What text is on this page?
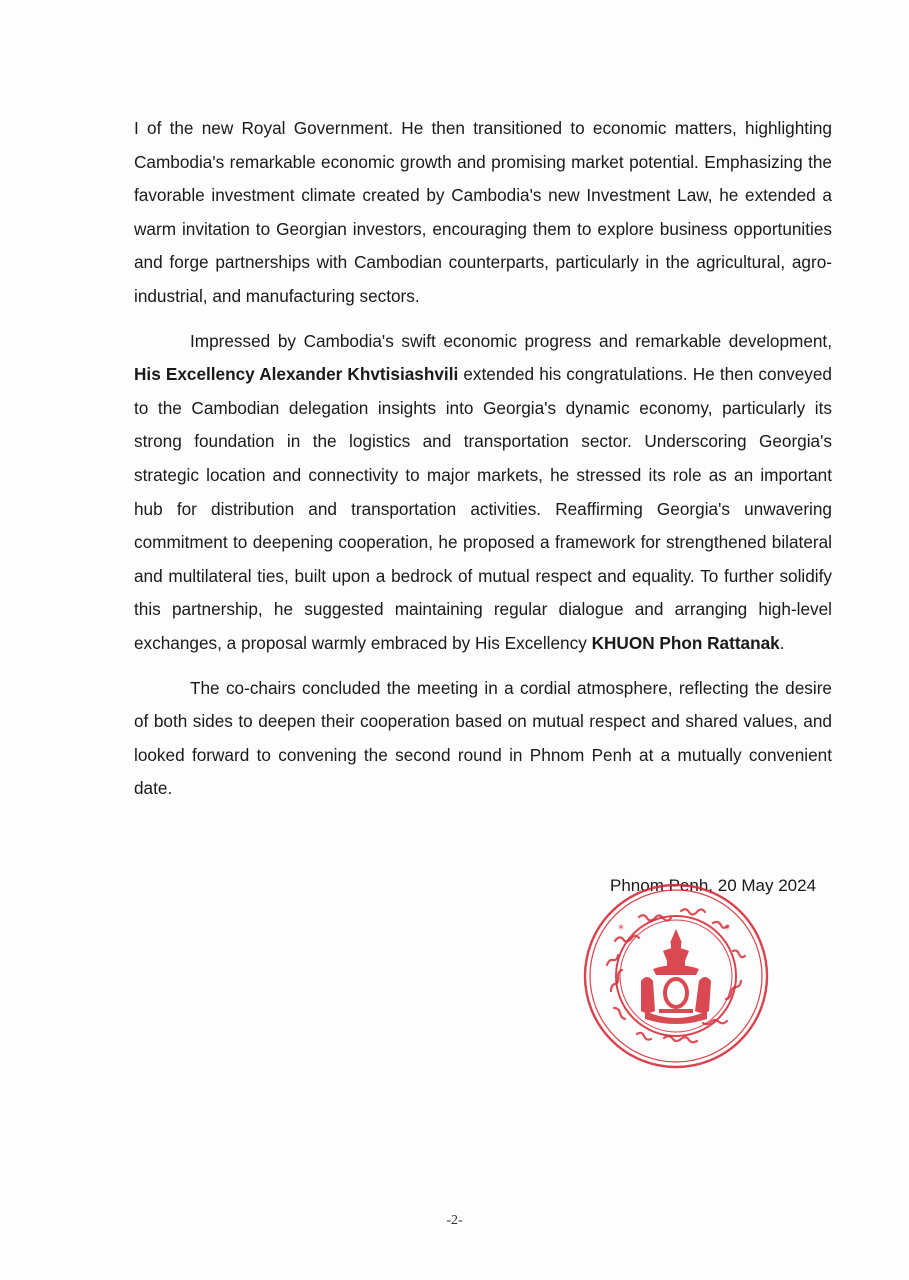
I of the new Royal Government. He then transitioned to economic matters, highlighting Cambodia's remarkable economic growth and promising market potential. Emphasizing the favorable investment climate created by Cambodia's new Investment Law, he extended a warm invitation to Georgian investors, encouraging them to explore business opportunities and forge partnerships with Cambodian counterparts, particularly in the agricultural, agro-industrial, and manufacturing sectors.

Impressed by Cambodia's swift economic progress and remarkable development, His Excellency Alexander Khvtisiashvili extended his congratulations. He then conveyed to the Cambodian delegation insights into Georgia's dynamic economy, particularly its strong foundation in the logistics and transportation sector. Underscoring Georgia's strategic location and connectivity to major markets, he stressed its role as an important hub for distribution and transportation activities. Reaffirming Georgia's unwavering commitment to deepening cooperation, he proposed a framework for strengthened bilateral and multilateral ties, built upon a bedrock of mutual respect and equality. To further solidify this partnership, he suggested maintaining regular dialogue and arranging high-level exchanges, a proposal warmly embraced by His Excellency KHUON Phon Rattanak.

The co-chairs concluded the meeting in a cordial atmosphere, reflecting the desire of both sides to deepen their cooperation based on mutual respect and shared values, and looked forward to convening the second round in Phnom Penh at a mutually convenient date.

Phnom Penh, 20 May 2024
*	*
-2-
